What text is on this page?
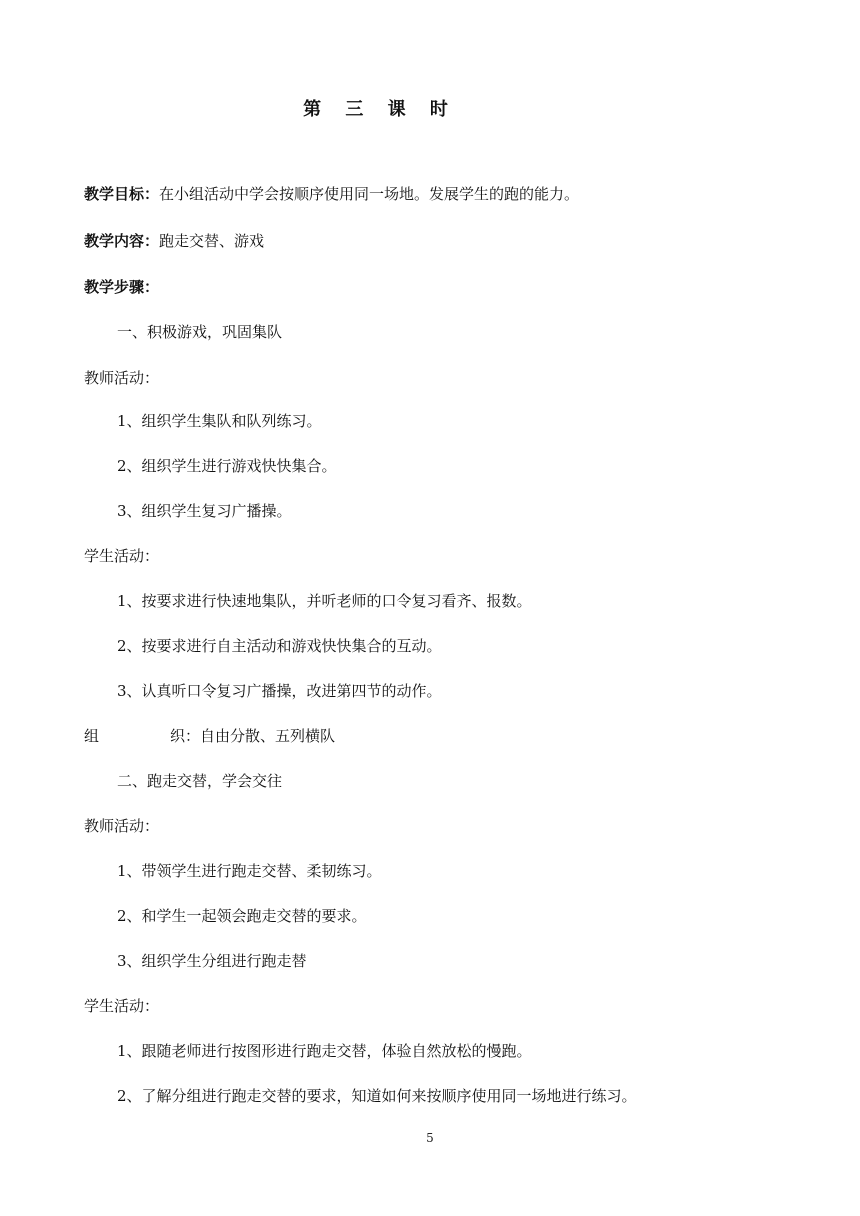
第 三 课 时
教学目标：在小组活动中学会按顺序使用同一场地。发展学生的跑的能力。
教学内容：跑走交替、游戏
教学步骤：
一、积极游戏，巩固集队
教师活动：
1、组织学生集队和队列练习。
2、组织学生进行游戏快快集合。
3、组织学生复习广播操。
学生活动：
1、按要求进行快速地集队，并听老师的口令复习看齐、报数。
2、按要求进行自主活动和游戏快快集合的互动。
3、认真听口令复习广播操，改进第四节的动作。
组	织：自由分散、五列横队
二、跑走交替，学会交往
教师活动：
1、带领学生进行跑走交替、柔韧练习。
2、和学生一起领会跑走交替的要求。
3、组织学生分组进行跑走替
学生活动：
1、跟随老师进行按图形进行跑走交替，体验自然放松的慢跑。
2、了解分组进行跑走交替的要求，知道如何来按顺序使用同一场地进行练习。
5
